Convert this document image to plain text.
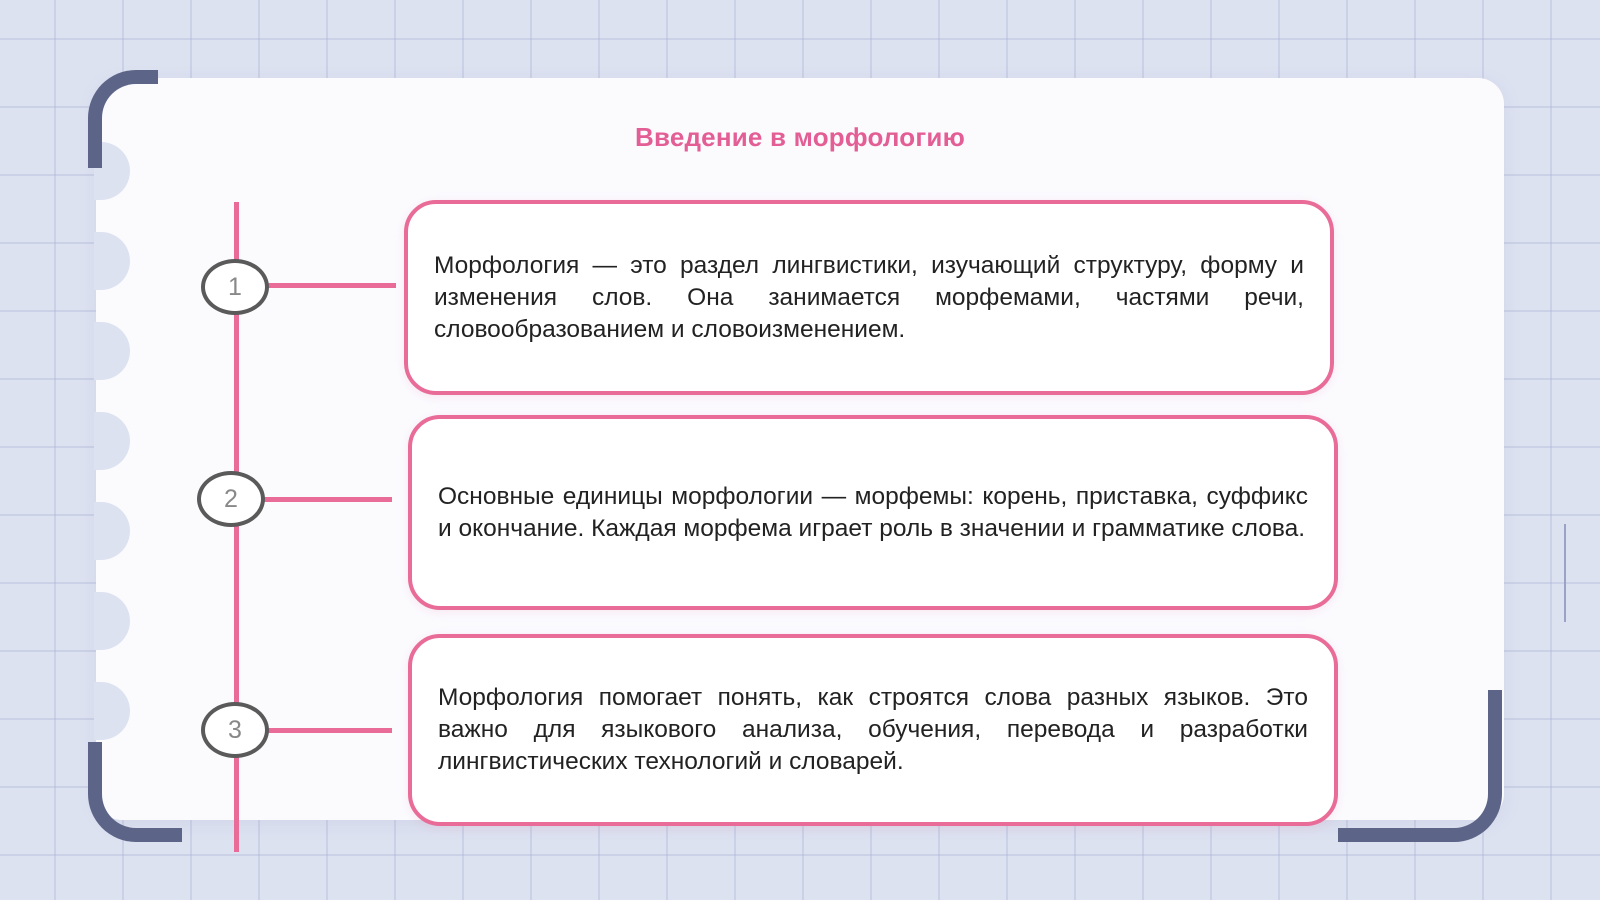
Введение в морфологию
1
Морфология — это раздел лингвистики, изучающий структуру, форму и изменения слов. Она занимается морфемами, частями речи, словообразованием и словоизменением.
2	Основные единицы морфологии — морфемы: корень, приставка, суффикс и окончание. Каждая морфема играет роль в значении и грамматике слова.
3
Морфология помогает понять, как строятся слова разных языков. Это важно для языкового анализа, обучения, перевода и разработки лингвистических технологий и словарей.
